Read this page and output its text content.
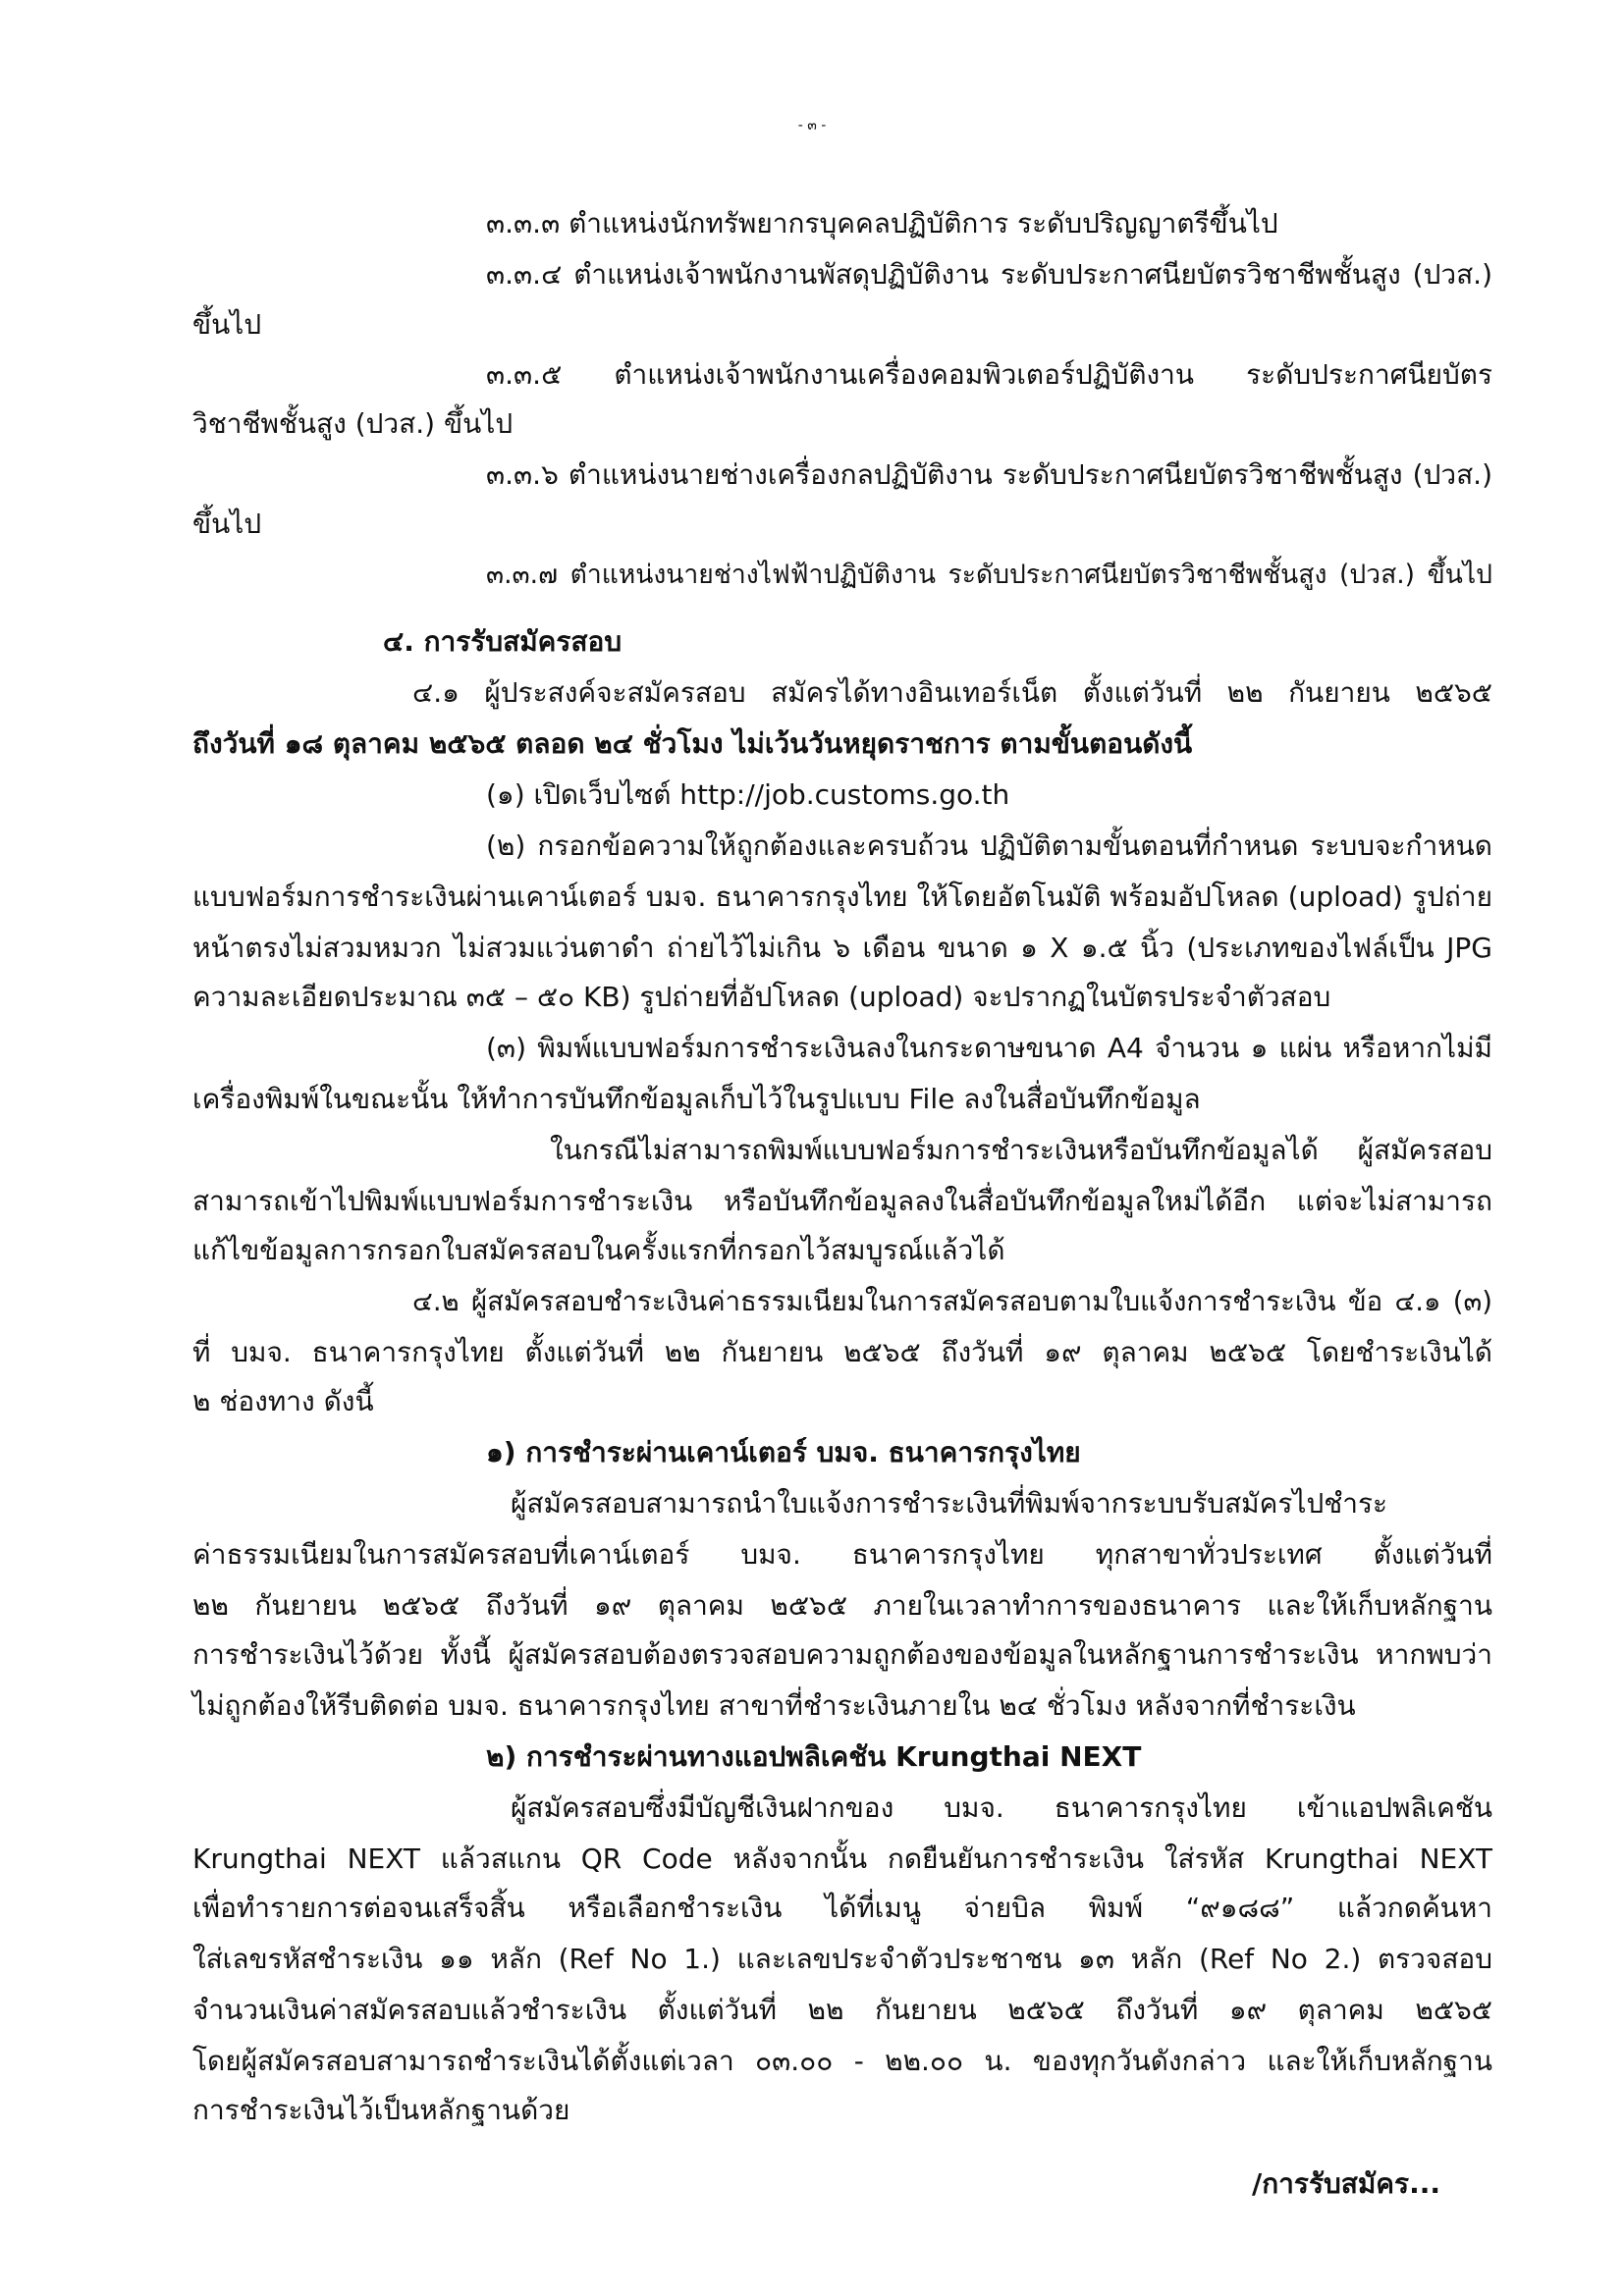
- ๓ -
๓.๓.๓ ตำแหน่งนักทรัพยากรบุคคลปฏิบัติการ ระดับปริญญาตรีขึ้นไป
๓.๓.๔ ตำแหน่งเจ้าพนักงานพัสดุปฏิบัติงาน ระดับประกาศนียบัตรวิชาชีพชั้นสูง (ปวส.)
ขึ้นไป
๓.๓.๕ ตำแหน่งเจ้าพนักงานเครื่องคอมพิวเตอร์ปฏิบัติงาน ระดับประกาศนียบัตร
วิชาชีพชั้นสูง (ปวส.) ขึ้นไป
๓.๓.๖ ตำแหน่งนายช่างเครื่องกลปฏิบัติงาน ระดับประกาศนียบัตรวิชาชีพชั้นสูง (ปวส.)
ขึ้นไป
๓.๓.๗ ตำแหน่งนายช่างไฟฟ้าปฏิบัติงาน ระดับประกาศนียบัตรวิชาชีพชั้นสูง (ปวส.) ขึ้นไป
๔. การรับสมัครสอบ
๔.๑ ผู้ประสงค์จะสมัครสอบ สมัครได้ทางอินเทอร์เน็ต ตั้งแต่วันที่ ๒๒ กันยายน ๒๕๖๕
ถึงวันที่ ๑๘ ตุลาคม ๒๕๖๕ ตลอด ๒๔ ชั่วโมง ไม่เว้นวันหยุดราชการ ตามขั้นตอนดังนี้
(๑) เปิดเว็บไซต์ http://job.customs.go.th
(๒) กรอกข้อความให้ถูกต้องและครบถ้วน ปฏิบัติตามขั้นตอนที่กำหนด ระบบจะกำหนด
แบบฟอร์มการชำระเงินผ่านเคาน์เตอร์ บมจ. ธนาคารกรุงไทย ให้โดยอัตโนมัติ พร้อมอัปโหลด (upload) รูปถ่าย
หน้าตรงไม่สวมหมวก ไม่สวมแว่นตาดำ ถ่ายไว้ไม่เกิน ๖ เดือน ขนาด ๑ X ๑.๕ นิ้ว (ประเภทของไฟล์เป็น JPG
ความละเอียดประมาณ ๓๕ – ๕๐ KB) รูปถ่ายที่อัปโหลด (upload) จะปรากฏในบัตรประจำตัวสอบ
(๓) พิมพ์แบบฟอร์มการชำระเงินลงในกระดาษขนาด A4 จำนวน ๑ แผ่น หรือหากไม่มี
เครื่องพิมพ์ในขณะนั้น ให้ทำการบันทึกข้อมูลเก็บไว้ในรูปแบบ File ลงในสื่อบันทึกข้อมูล
ในกรณีไม่สามารถพิมพ์แบบฟอร์มการชำระเงินหรือบันทึกข้อมูลได้ ผู้สมัครสอบ
สามารถเข้าไปพิมพ์แบบฟอร์มการชำระเงิน หรือบันทึกข้อมูลลงในสื่อบันทึกข้อมูลใหม่ได้อีก แต่จะไม่สามารถ
แก้ไขข้อมูลการกรอกใบสมัครสอบในครั้งแรกที่กรอกไว้สมบูรณ์แล้วได้
๔.๒ ผู้สมัครสอบชำระเงินค่าธรรมเนียมในการสมัครสอบตามใบแจ้งการชำระเงิน ข้อ ๔.๑ (๓)
ที่ บมจ. ธนาคารกรุงไทย ตั้งแต่วันที่ ๒๒ กันยายน ๒๕๖๕ ถึงวันที่ ๑๙ ตุลาคม ๒๕๖๕ โดยชำระเงินได้
๒ ช่องทาง ดังนี้
๑) การชำระผ่านเคาน์เตอร์ บมจ. ธนาคารกรุงไทย
ผู้สมัครสอบสามารถนำใบแจ้งการชำระเงินที่พิมพ์จากระบบรับสมัครไปชำระ
ค่าธรรมเนียมในการสมัครสอบที่เคาน์เตอร์ บมจ. ธนาคารกรุงไทย ทุกสาขาทั่วประเทศ ตั้งแต่วันที่
๒๒ กันยายน ๒๕๖๕ ถึงวันที่ ๑๙ ตุลาคม ๒๕๖๕ ภายในเวลาทำการของธนาคาร และให้เก็บหลักฐาน
การชำระเงินไว้ด้วย ทั้งนี้ ผู้สมัครสอบต้องตรวจสอบความถูกต้องของข้อมูลในหลักฐานการชำระเงิน หากพบว่า
ไม่ถูกต้องให้รีบติดต่อ บมจ. ธนาคารกรุงไทย สาขาที่ชำระเงินภายใน ๒๔ ชั่วโมง หลังจากที่ชำระเงิน
๒) การชำระผ่านทางแอปพลิเคชัน Krungthai NEXT
ผู้สมัครสอบซึ่งมีบัญชีเงินฝากของ บมจ. ธนาคารกรุงไทย เข้าแอปพลิเคชัน
Krungthai NEXT แล้วสแกน QR Code หลังจากนั้น กดยืนยันการชำระเงิน ใส่รหัส Krungthai NEXT
เพื่อทำรายการต่อจนเสร็จสิ้น หรือเลือกชำระเงิน ได้ที่เมนู จ่ายบิล พิมพ์ “๙๑๘๘” แล้วกดค้นหา
ใส่เลขรหัสชำระเงิน ๑๑ หลัก (Ref No 1.) และเลขประจำตัวประชาชน ๑๓ หลัก (Ref No 2.) ตรวจสอบ
จำนวนเงินค่าสมัครสอบแล้วชำระเงิน ตั้งแต่วันที่ ๒๒ กันยายน ๒๕๖๕ ถึงวันที่ ๑๙ ตุลาคม ๒๕๖๕
โดยผู้สมัครสอบสามารถชำระเงินได้ตั้งแต่เวลา ๐๓.๐๐ - ๒๒.๐๐ น. ของทุกวันดังกล่าว และให้เก็บหลักฐาน
การชำระเงินไว้เป็นหลักฐานด้วย
/การรับสมัคร...
